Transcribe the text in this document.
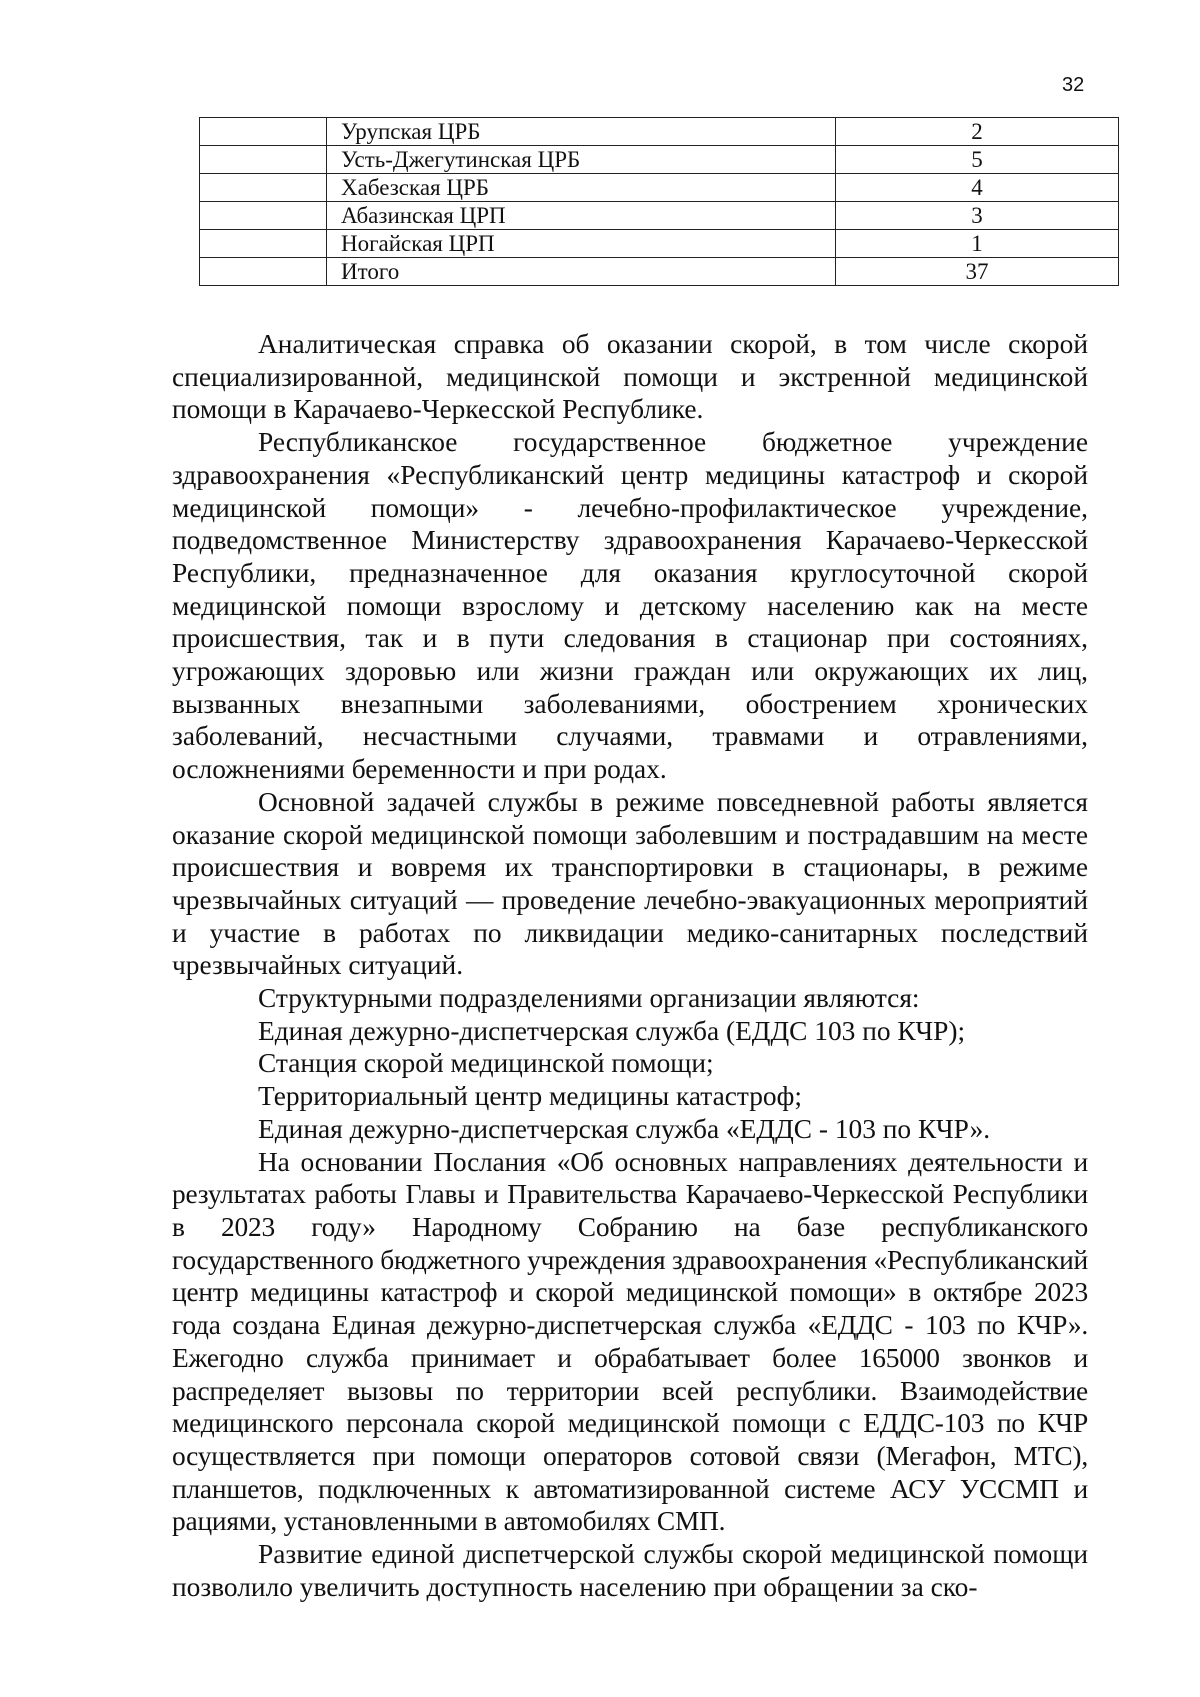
32
	Урупская ЦРБ	2
	Усть-Джегутинская ЦРБ	5
	Хабезская ЦРБ	4
	Абазинская ЦРП	3
	Ногайская ЦРП	1
	Итого	37

Аналитическая справка об оказании скорой, в том числе скорой специализированной, медицинской помощи и экстренной медицинской помощи в Карачаево-Черкесской Республике.

Республиканское государственное бюджетное учреждение здравоохранения «Республиканский центр медицины катастроф и скорой медицинской помощи» - лечебно-профилактическое учреждение, подведомственное Министерству здравоохранения Карачаево-Черкесской Республики, предназначенное для оказания круглосуточной скорой медицинской помощи взрослому и детскому населению как на месте происшествия, так и в пути следования в стационар при состояниях, угрожающих здоровью или жизни граждан или окружающих их лиц, вызванных внезапными заболеваниями, обострением хронических заболеваний, несчастными случаями, травмами и отравлениями, осложнениями беременности и при родах.

Основной задачей службы в режиме повседневной работы является оказание скорой медицинской помощи заболевшим и пострадавшим на месте происшествия и вовремя их транспортировки в стационары, в режиме чрезвычайных ситуаций — проведение лечебно-эвакуационных мероприятий и участие в работах по ликвидации медико-санитарных последствий чрезвычайных ситуаций.

Структурными подразделениями организации являются:

Единая дежурно-диспетчерская служба (ЕДДС 103 по КЧР);

Станция скорой медицинской помощи;

Территориальный центр медицины катастроф;

Единая дежурно-диспетчерская служба «ЕДДС - 103 по КЧР».

На основании Послания «Об основных направлениях деятельности и результатах работы Главы и Правительства Карачаево-Черкесской Республики в 2023 году» Народному Собранию на базе республиканского государственного бюджетного учреждения здравоохранения «Республиканский центр медицины катастроф и скорой медицинской помощи» в октябре 2023 года создана Единая дежурно-диспетчерская служба «ЕДДС - 103 по КЧР». Ежегодно служба принимает и обрабатывает более 165000 звонков и распределяет вызовы по территории всей республики. Взаимодействие медицинского персонала скорой медицинской помощи с ЕДДС-103 по КЧР осуществляется при помощи операторов сотовой связи (Мегафон, МТС), планшетов, подключенных к автоматизированной системе АСУ УССМП и рациями, установленными в автомобилях СМП.

Развитие единой диспетчерской службы скорой медицинской помощи позволило увеличить доступность населению при обращении за ско-
